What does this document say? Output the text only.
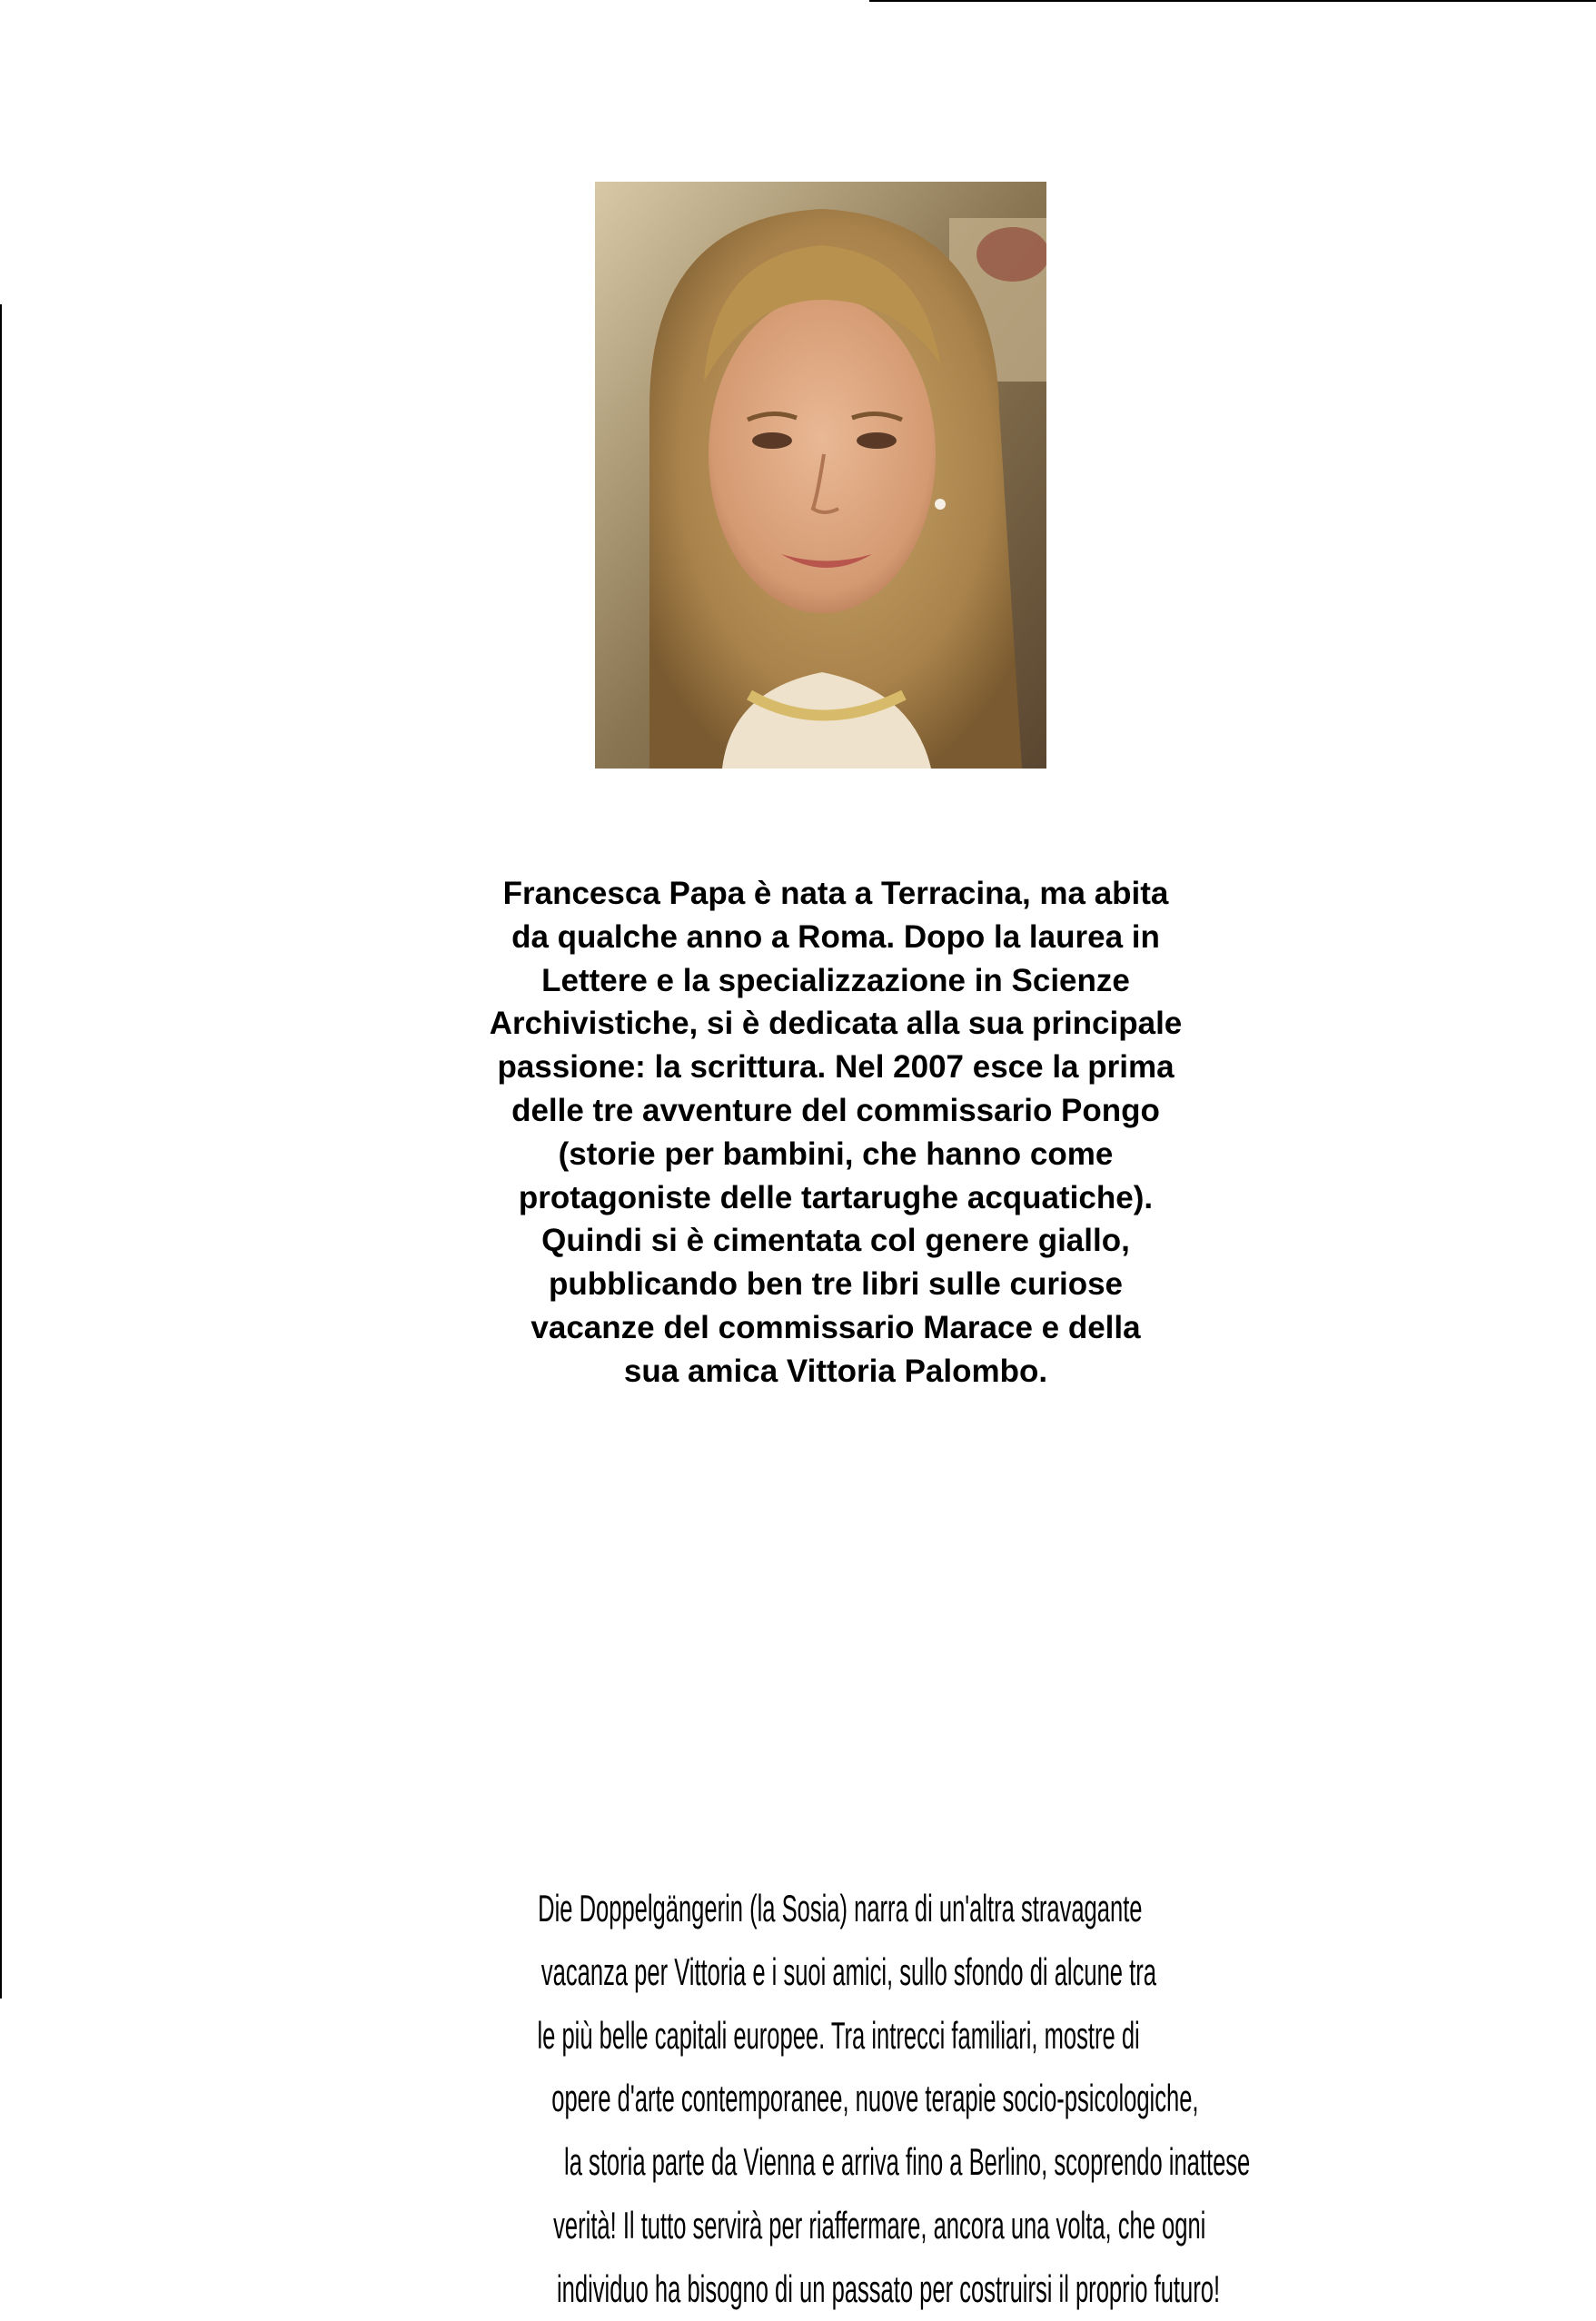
Francesca Papa è nata a Terracina, ma abita
da qualche anno a Roma. Dopo la laurea in
Lettere e la specializzazione in Scienze
Archivistiche, si è dedicata alla sua principale
passione: la scrittura. Nel 2007 esce la prima
delle tre avventure del commissario Pongo
(storie per bambini, che hanno come
protagoniste delle tartarughe acquatiche).
Quindi si è cimentata col genere giallo,
pubblicando ben tre libri sulle curiose
vacanze del commissario Marace e della
sua amica Vittoria Palombo.

Die Doppelgängerin (la Sosia) narra di un'altra stravagante vacanza per Vittoria e i suoi amici, sullo sfondo di alcune tra le più belle capitali europee. Tra intrecci familiari, mostre di opere d'arte contemporanee, nuove terapie socio-psicologiche, la storia parte da Vienna e arriva fino a Berlino, scoprendo inattese verità! Il tutto servirà per riaffermare, ancora una volta, che ogni individuo ha bisogno di un passato per costruirsi il proprio futuro!
